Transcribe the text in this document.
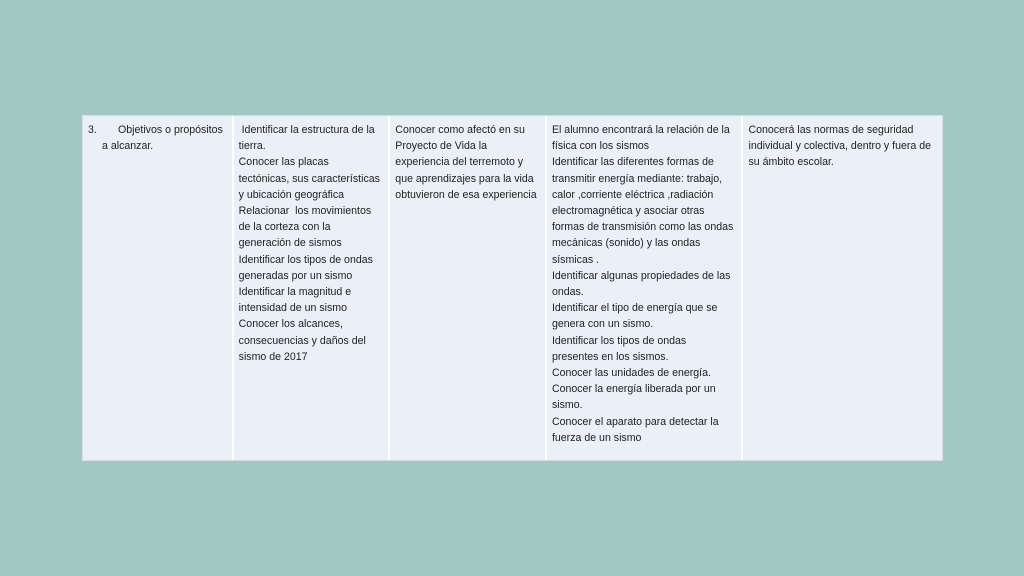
3. Objetivos o propósitos
a alcanzar.
Identificar la estructura de la tierra.
Conocer las placas tectónicas, sus características y ubicación geográfica
Relacionar  los movimientos de la corteza con la generación de sismos
Identificar los tipos de ondas generadas por un sismo
Identificar la magnitud e intensidad de un sismo
Conocer los alcances, consecuencias y daños del sismo de 2017
Conocer como afectó en su Proyecto de Vida la experiencia del terremoto y que aprendizajes para la vida obtuvieron de esa experiencia
El alumno encontrará la relación de la física con los sismos
Identificar las diferentes formas de transmitir energía mediante: trabajo, calor ,corriente eléctrica ,radiación electromagnética y asociar otras formas de transmisión como las ondas mecánicas (sonido) y las ondas sísmicas .
Identificar algunas propiedades de las ondas.
Identificar el tipo de energía que se genera con un sismo.
Identificar los tipos de ondas presentes en los sismos.
Conocer las unidades de energía.
Conocer la energía liberada por un sismo.
Conocer el aparato para detectar la fuerza de un sismo
Conocerá las normas de seguridad individual y colectiva, dentro y fuera de su ámbito escolar.
